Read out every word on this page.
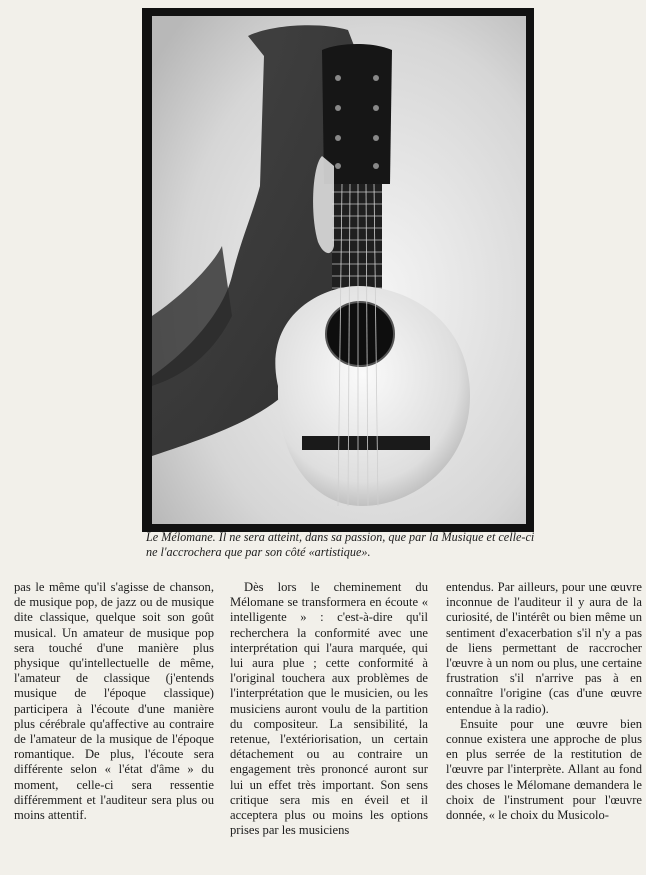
Le Mélomane. Il ne sera atteint, dans sa passion, que par la Musique et celle-ci ne l'accrochera que par son côté «artistique».

pas le même qu'il s'agisse de chanson, de musique pop, de jazz ou de musique dite classique, quelque soit son goût musical. Un amateur de musique pop sera touché d'une manière plus physique qu'intellectuelle de même, l'amateur de classique (j'entends musique de l'époque classique) participera à l'écoute d'une manière plus cérébrale qu'affective au contraire de l'amateur de la musique de l'époque romantique. De plus, l'écoute sera différente selon « l'état d'âme » du moment, celle-ci sera ressentie différemment et l'auditeur sera plus ou moins attentif.

Dès lors le cheminement du Mélomane se transformera en écoute « intelligente » : c'est-à-dire qu'il recherchera la conformité avec une interprétation qui l'aura marquée, qui lui aura plue ; cette conformité à l'original touchera aux problèmes de l'interprétation que le musicien, ou les musiciens auront voulu de la partition du compositeur. La sensibilité, la retenue, l'extériorisation, un certain détachement ou au contraire un engagement très prononcé auront sur lui un effet très important. Son sens critique sera mis en éveil et il acceptera plus ou moins les options prises par les musiciens

entendus. Par ailleurs, pour une œuvre inconnue de l'auditeur il y aura de la curiosité, de l'intérêt ou bien même un sentiment d'exacerbation s'il n'y a pas de liens permettant de raccrocher l'œuvre à un nom ou plus, une certaine frustration s'il n'arrive pas à en connaître l'origine (cas d'une œuvre entendue à la radio).

Ensuite pour une œuvre bien connue existera une approche de plus en plus serrée de la restitution de l'œuvre par l'interprète. Allant au fond des choses le Mélomane demandera le choix de l'instrument pour l'œuvre donnée, « le choix du Musicolo-
